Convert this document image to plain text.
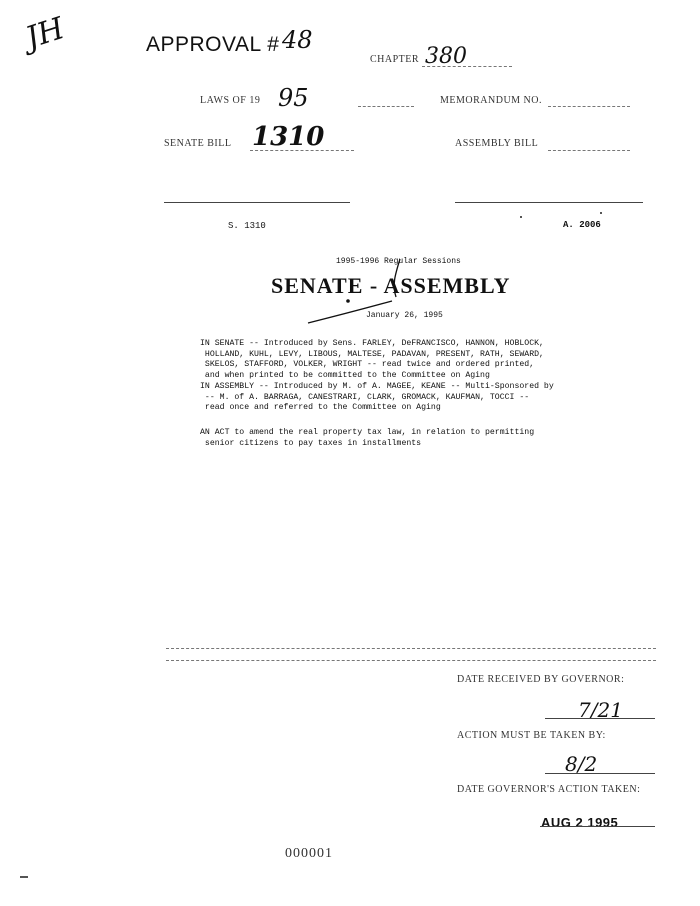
JH	APPROVAL # 48
CHAPTER 380
LAWS OF 19 95	MEMORANDUM NO.
SENATE BILL 1310	ASSEMBLY BILL
S. 1310	A. 2006
1995-1996 Regular Sessions
SENATE - ASSEMBLY
January 26, 1995
IN SENATE -- Introduced by Sens. FARLEY, DeFRANCISCO, HANNON, HOBLOCK,
HOLLAND, KUHL, LEVY, LIBOUS, MALTESE, PADAVAN, PRESENT, RATH, SEWARD,
SKELOS, STAFFORD, VOLKER, WRIGHT -- read twice and ordered printed,
and when printed to be committed to the Committee on Aging
IN ASSEMBLY -- Introduced by M. of A. MAGEE, KEANE -- Multi-Sponsored by
-- M. of A. BARRAGA, CANESTRARI, CLARK, GROMACK, KAUFMAN, TOCCI --
read once and referred to the Committee on Aging
AN ACT to amend the real property tax law, in relation to permitting
senior citizens to pay taxes in installments
DATE RECEIVED BY GOVERNOR:
7/21
ACTION MUST BE TAKEN BY:
8/2
DATE GOVERNOR'S ACTION TAKEN:
AUG 2 1995
000001
